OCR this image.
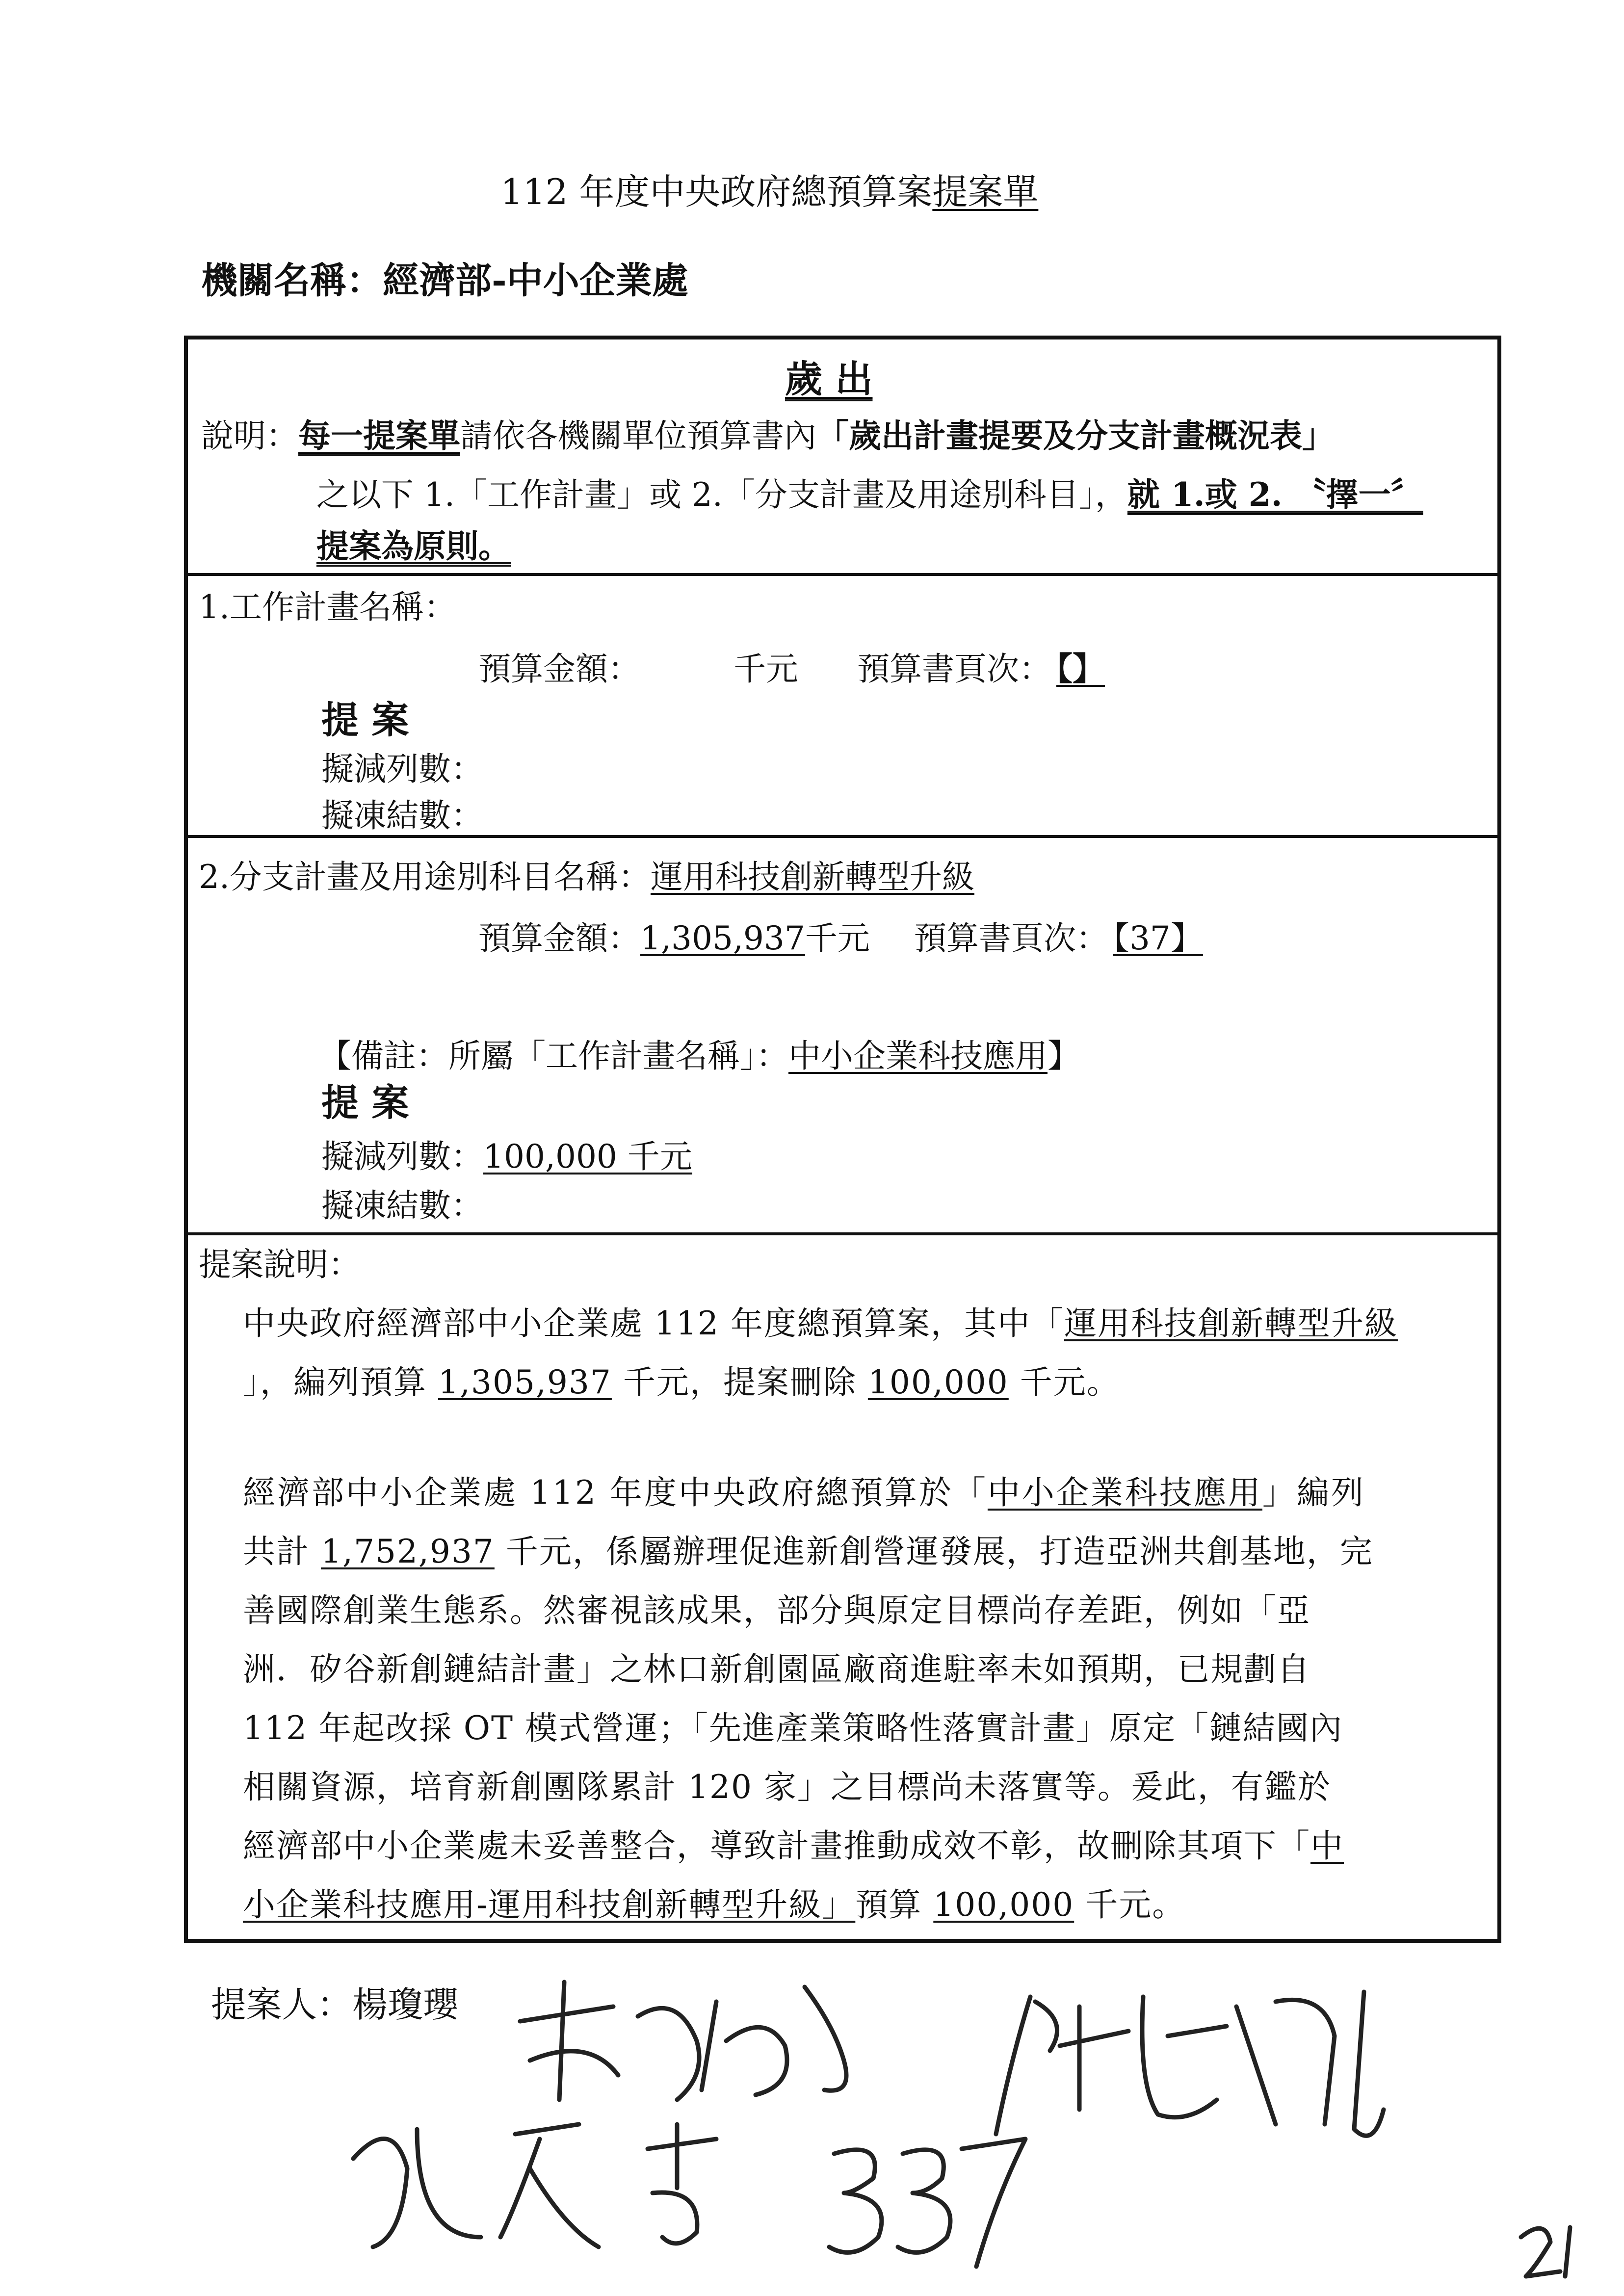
112 年度中央政府總預算案提案單
機關名稱：經濟部-中小企業處
歲 出
說明：每一提案單請依各機關單位預算書內「歲出計畫提要及分支計畫概況表」
之以下 1.「工作計畫」或 2.「分支計畫及用途別科目」，就 1.或 2. 〝擇一〞
提案為原則。
1.工作計畫名稱：
預算金額：	千元 預算書頁次： 【】
提 案
擬減列數：
擬凍結數：
2.分支計畫及用途別科目名稱：運用科技創新轉型升級
預算金額：1,305,937千元 預算書頁次： 【37】
【備註：所屬「工作計畫名稱」：中小企業科技應用】
提 案
擬減列數：100,000 千元
擬凍結數：
提案說明：
中央政府經濟部中小企業處 112 年度總預算案，其中「運用科技創新轉型升級
」，編列預算 1,305,937 千元，提案刪除 100,000 千元。
經濟部中小企業處 112 年度中央政府總預算於「中小企業科技應用」編列
共計 1,752,937 千元，係屬辦理促進新創營運發展，打造亞洲共創基地，完
善國際創業生態系。然審視該成果，部分與原定目標尚存差距，例如「亞
洲．矽谷新創鏈結計畫」之林口新創園區廠商進駐率未如預期，已規劃自
112 年起改採 OT 模式營運；「先進產業策略性落實計畫」原定「鏈結國內
相關資源，培育新創團隊累計 120 家」之目標尚未落實等。爰此，有鑑於
經濟部中小企業處未妥善整合，導致計畫推動成效不彰，故刪除其項下「中
小企業科技應用-運用科技創新轉型升級」預算 100,000 千元。
提案人：楊瓊瓔
